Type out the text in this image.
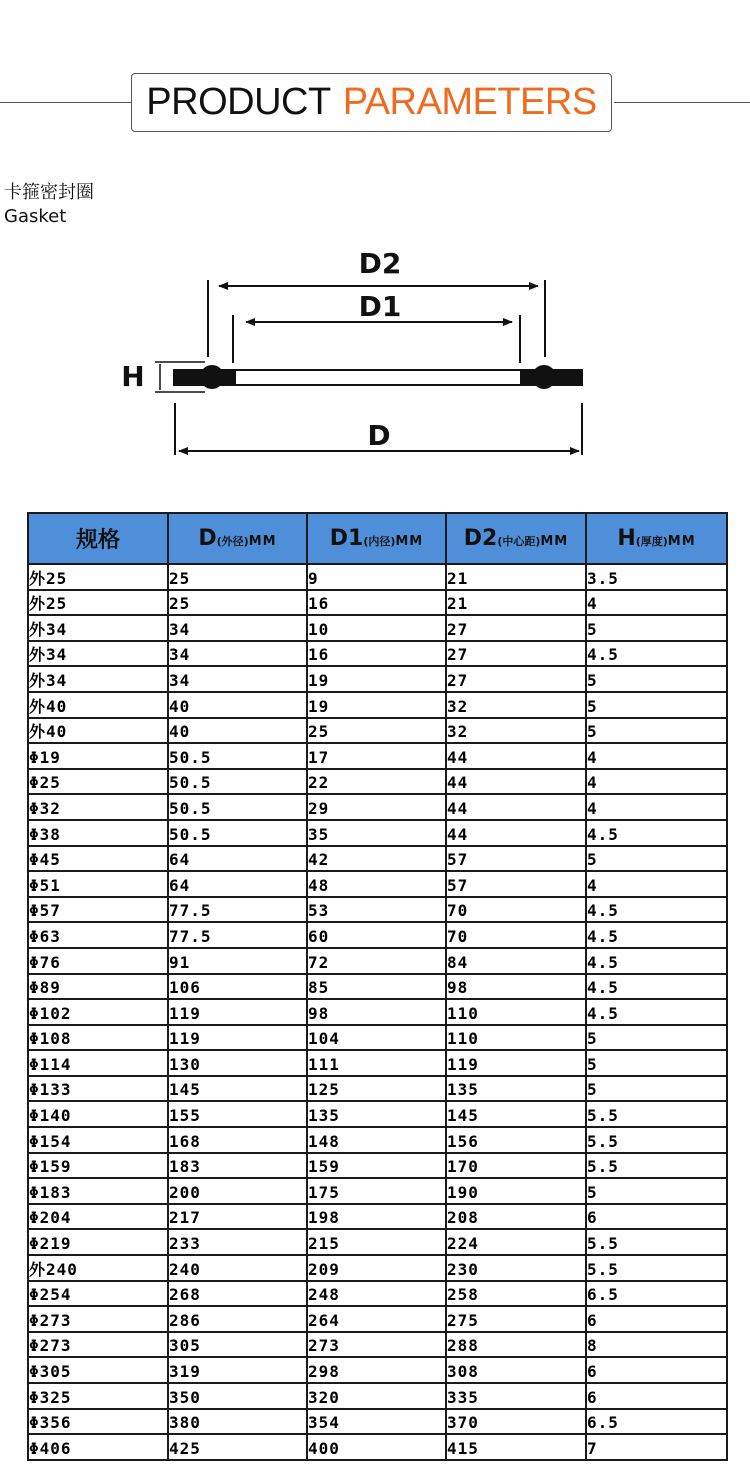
PRODUCT PARAMETERS
卡箍密封圈
Gasket
D2
D1
D
H
规格	D(外径)MM	D1(内径)MM	D2(中心距)MM	H(厚度)MM
外25	25	9	21	3.5
外25	25	16	21	4
外34	34	10	27	5
外34	34	16	27	4.5
外34	34	19	27	5
外40	40	19	32	5
外40	40	25	32	5
Φ19	50.5	17	44	4
Φ25	50.5	22	44	4
Φ32	50.5	29	44	4
Φ38	50.5	35	44	4.5
Φ45	64	42	57	5
Φ51	64	48	57	4
Φ57	77.5	53	70	4.5
Φ63	77.5	60	70	4.5
Φ76	91	72	84	4.5
Φ89	106	85	98	4.5
Φ102	119	98	110	4.5
Φ108	119	104	110	5
Φ114	130	111	119	5
Φ133	145	125	135	5
Φ140	155	135	145	5.5
Φ154	168	148	156	5.5
Φ159	183	159	170	5.5
Φ183	200	175	190	5
Φ204	217	198	208	6
Φ219	233	215	224	5.5
外240	240	209	230	5.5
Φ254	268	248	258	6.5
Φ273	286	264	275	6
Φ273	305	273	288	8
Φ305	319	298	308	6
Φ325	350	320	335	6
Φ356	380	354	370	6.5
Φ406	425	400	415	7
